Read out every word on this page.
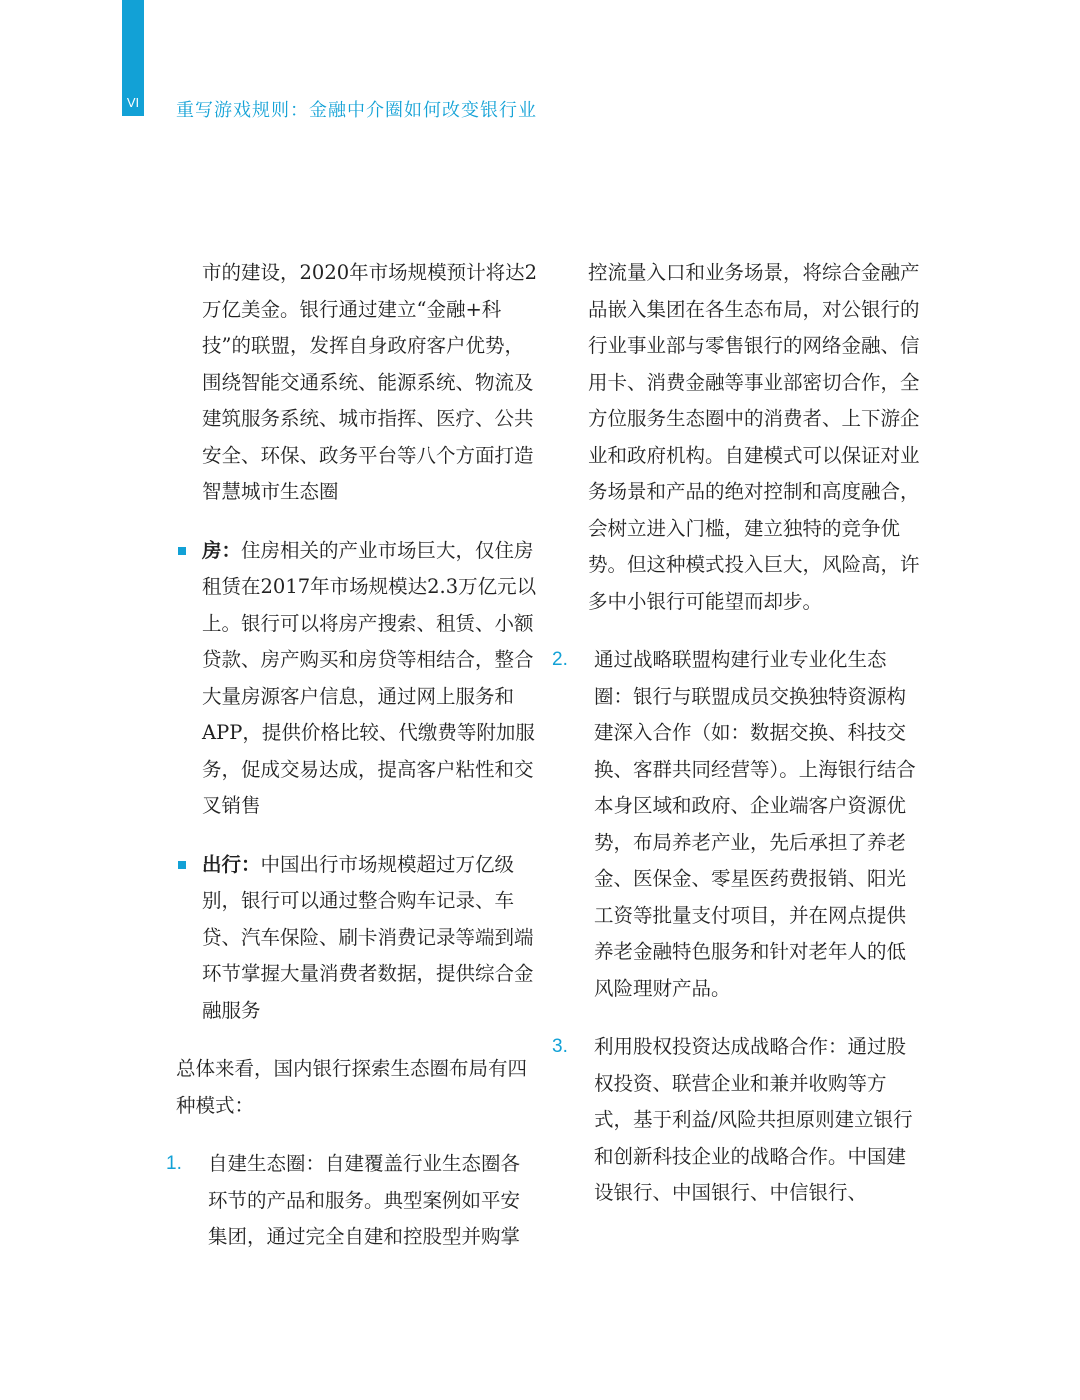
VI 重写游戏规则：金融中介圈如何改变银行业

市的建设，2020年市场规模预计将达2万亿美金。银行通过建立“金融+科技”的联盟，发挥自身政府客户优势，围绕智能交通系统、能源系统、物流及建筑服务系统、城市指挥、医疗、公共安全、环保、政务平台等八个方面打造智慧城市生态圈

房：住房相关的产业市场巨大，仅住房租赁在2017年市场规模达2.3万亿元以上。银行可以将房产搜索、租赁、小额贷款、房产购买和房贷等相结合，整合大量房源客户信息，通过网上服务和APP，提供价格比较、代缴费等附加服务，促成交易达成，提高客户粘性和交叉销售
出行：中国出行市场规模超过万亿级别，银行可以通过整合购车记录、车贷、汽车保险、刷卡消费记录等端到端环节掌握大量消费者数据，提供综合金融服务

总体来看，国内银行探索生态圈布局有四种模式：

1. 自建生态圈：自建覆盖行业生态圈各环节的产品和服务。典型案例如平安集团，通过完全自建和控股型并购掌

控流量入口和业务场景，将综合金融产品嵌入集团在各生态布局，对公银行的行业事业部与零售银行的网络金融、信用卡、消费金融等事业部密切合作，全方位服务生态圈中的消费者、上下游企业和政府机构。自建模式可以保证对业务场景和产品的绝对控制和高度融合，会树立进入门槛，建立独特的竞争优势。但这种模式投入巨大，风险高，许多中小银行可能望而却步。

2. 通过战略联盟构建行业专业化生态圈：银行与联盟成员交换独特资源构建深入合作（如：数据交换、科技交换、客群共同经营等）。上海银行结合本身区域和政府、企业端客户资源优势，布局养老产业，先后承担了养老金、医保金、零星医药费报销、阳光工资等批量支付项目，并在网点提供养老金融特色服务和针对老年人的低风险理财产品。
3. 利用股权投资达成战略合作：通过股权投资、联营企业和兼并收购等方式，基于利益/风险共担原则建立银行和创新科技企业的战略合作。中国建设银行、中国银行、中信银行、
